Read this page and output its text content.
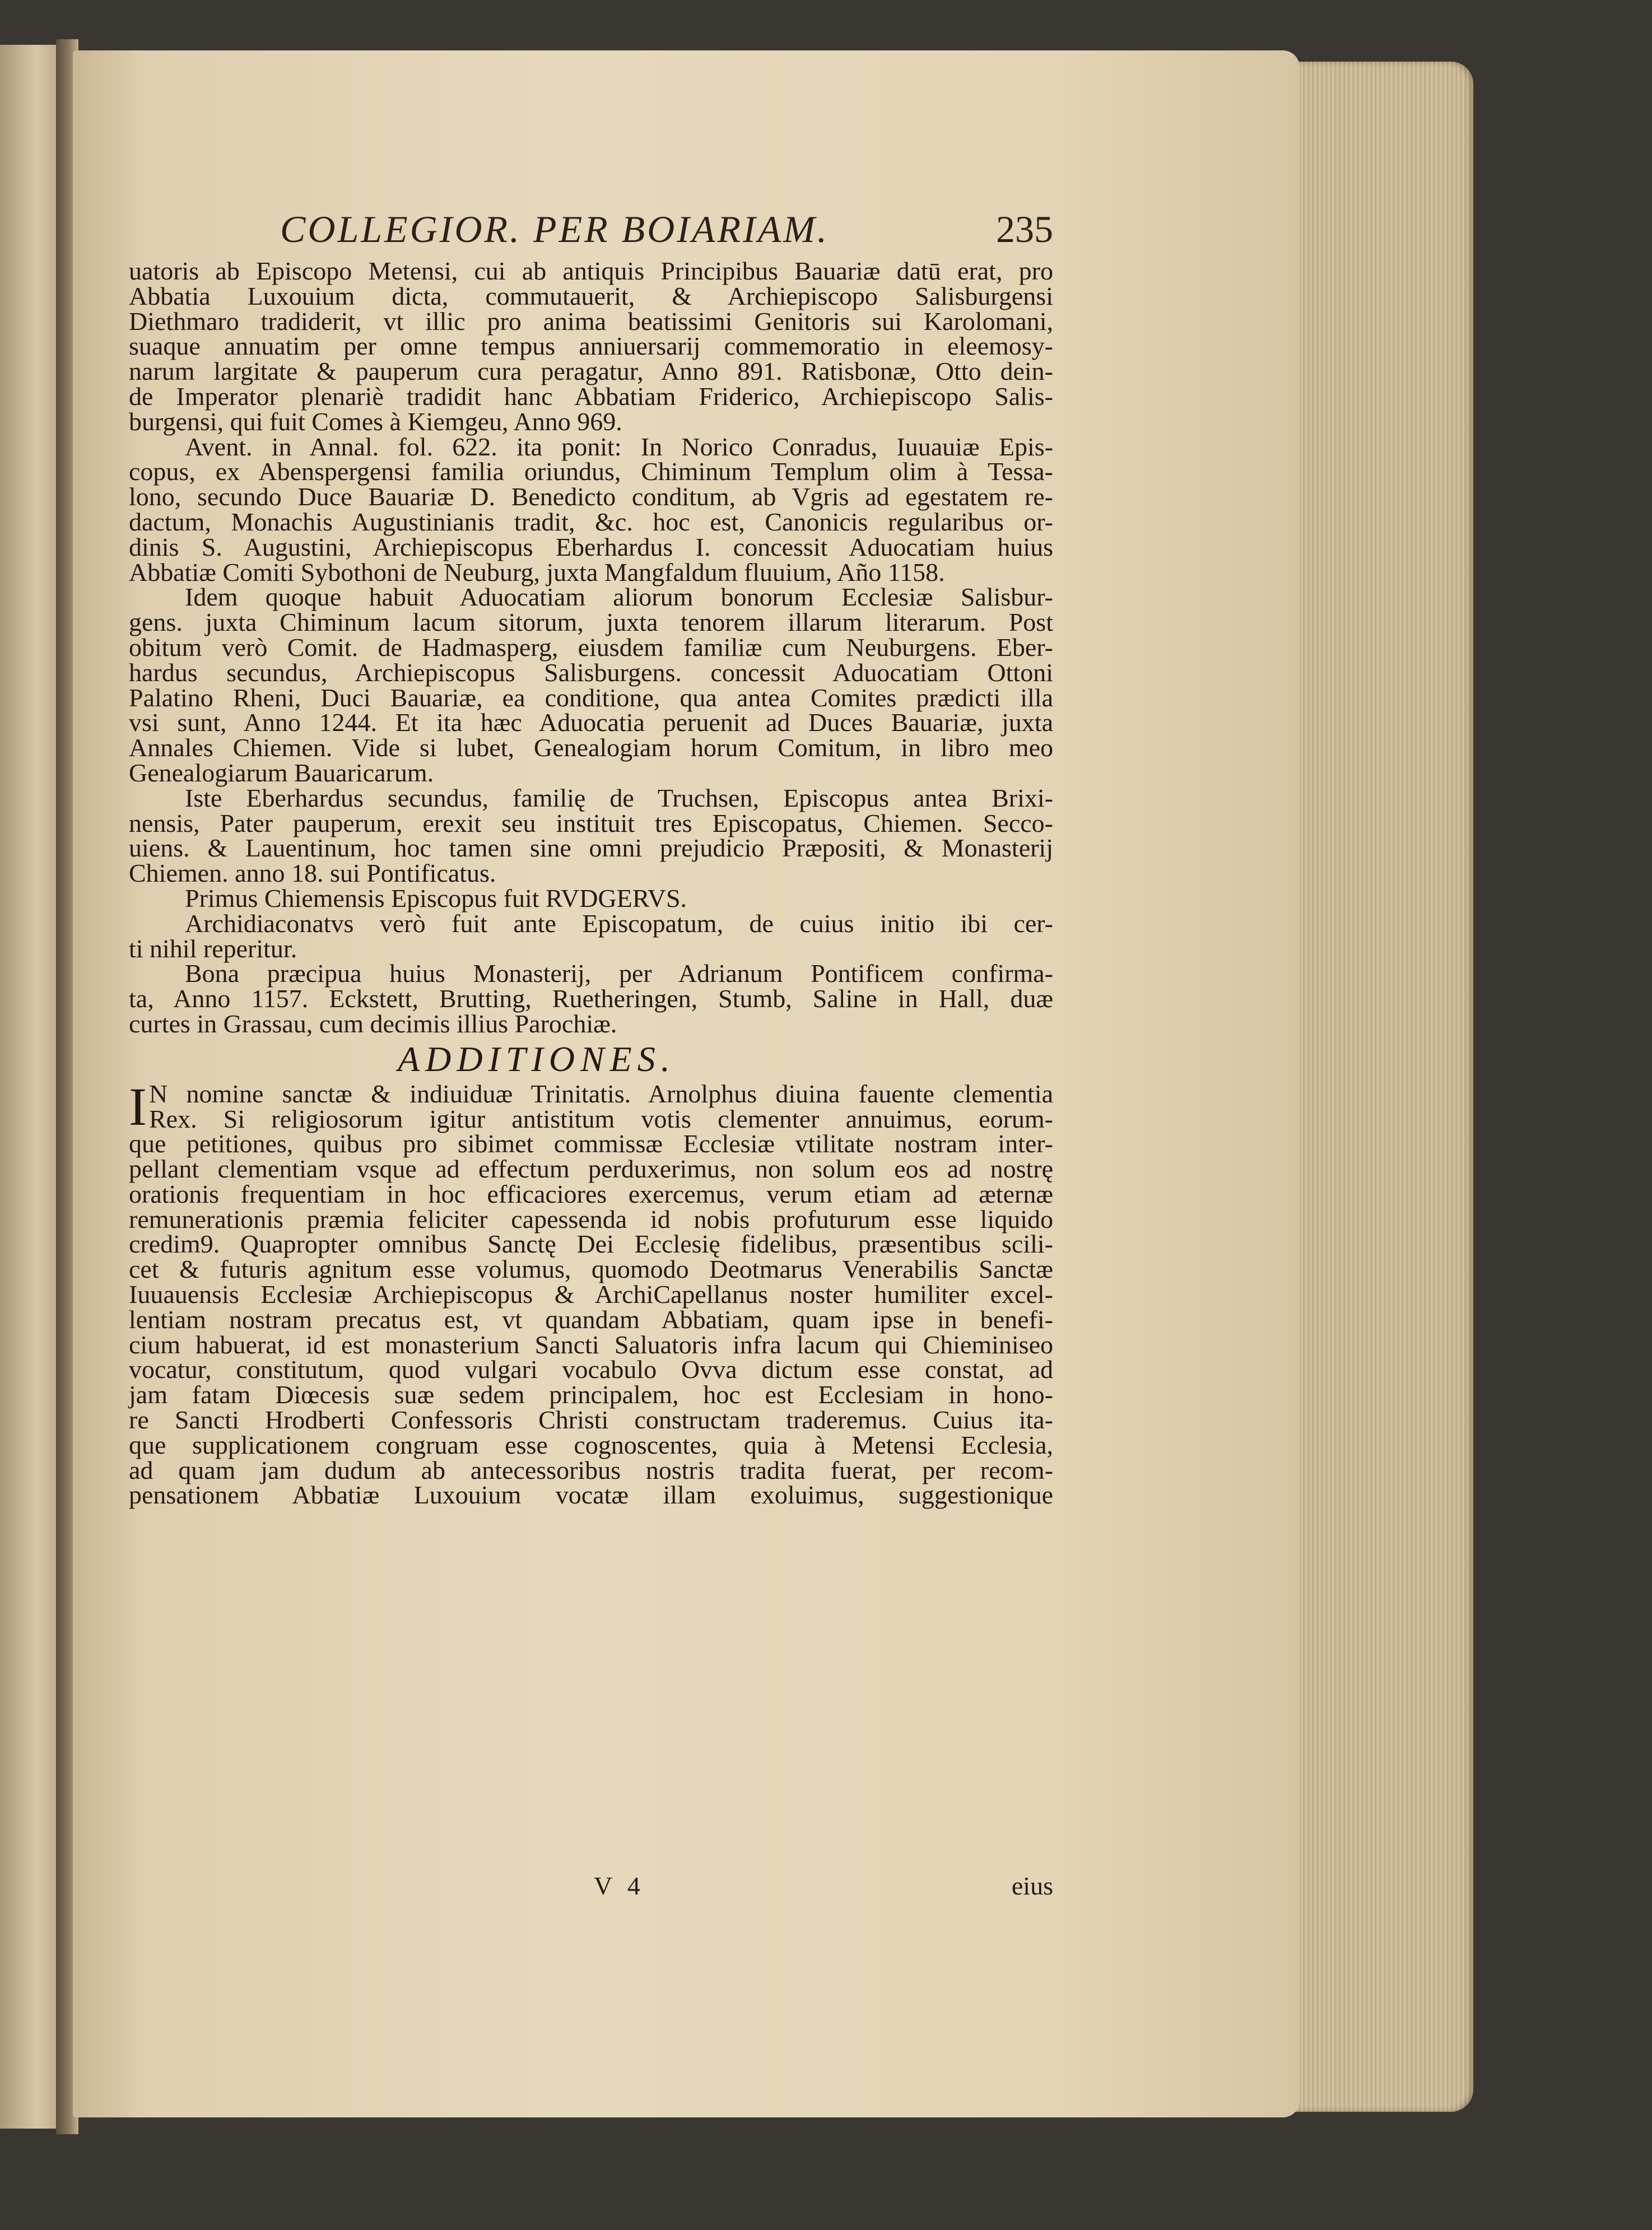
COLLEGIOR. PER BOIARIAM.	235
uatoris ab Episcopo Metensi, cui ab antiquis Principibus Bauariæ datū erat, pro
Abbatia Luxouium dicta, commutauerit, & Archiepiscopo Salisburgensi
Diethmaro tradiderit, vt illic pro anima beatissimi Genitoris sui Karolomani,
suaque annuatim per omne tempus anniuersarij commemoratio in eleemosy-
narum largitate & pauperum cura peragatur, Anno 891. Ratisbonæ, Otto dein-
de Imperator plenariè tradidit hanc Abbatiam Friderico, Archiepiscopo Salis-
burgensi, qui fuit Comes à Kiemgeu, Anno 969.
Avent. in Annal. fol. 622. ita ponit: In Norico Conradus, Iuuauiæ Epis-
copus, ex Abenspergensi familia oriundus, Chiminum Templum olim à Tessa-
lono, secundo Duce Bauariæ D. Benedicto conditum, ab Vgris ad egestatem re-
dactum, Monachis Augustinianis tradit, &c. hoc est, Canonicis regularibus or-
dinis S. Augustini, Archiepiscopus Eberhardus I. concessit Aduocatiam huius
Abbatiæ Comiti Sybothoni de Neuburg, juxta Mangfaldum fluuium, Año 1158.
Idem quoque habuit Aduocatiam aliorum bonorum Ecclesiæ Salisbur-
gens. juxta Chiminum lacum sitorum, juxta tenorem illarum literarum. Post
obitum verò Comit. de Hadmasperg, eiusdem familiæ cum Neuburgens. Eber-
hardus secundus, Archiepiscopus Salisburgens. concessit Aduocatiam Ottoni
Palatino Rheni, Duci Bauariæ, ea conditione, qua antea Comites prædicti illa
vsi sunt, Anno 1244. Et ita hæc Aduocatia peruenit ad Duces Bauariæ, juxta
Annales Chiemen. Vide si lubet, Genealogiam horum Comitum, in libro meo
Genealogiarum Bauaricarum.
Iste Eberhardus secundus, familię de Truchsen, Episcopus antea Brixi-
nensis, Pater pauperum, erexit seu instituit tres Episcopatus, Chiemen. Secco-
uiens. & Lauentinum, hoc tamen sine omni prejudicio Præpositi, & Monasterij
Chiemen. anno 18. sui Pontificatus.
Primus Chiemensis Episcopus fuit RVDGERVS.
Archidiaconatvs verò fuit ante Episcopatum, de cuius initio ibi cer-
ti nihil reperitur.
Bona præcipua huius Monasterij, per Adrianum Pontificem confirma-
ta, Anno 1157. Eckstett, Brutting, Ruetheringen, Stumb, Saline in Hall, duæ
curtes in Grassau, cum decimis illius Parochiæ.
ADDITIONES.
I N nomine sanctæ & indiuiduæ Trinitatis. Arnolphus diuina fauente clementia
Rex. Si religiosorum igitur antistitum votis clementer annuimus, eorum-
que petitiones, quibus pro sibimet commissæ Ecclesiæ vtilitate nostram inter-
pellant clementiam vsque ad effectum perduxerimus, non solum eos ad nostrę
orationis frequentiam in hoc efficaciores exercemus, verum etiam ad æternæ
remunerationis præmia feliciter capessenda id nobis profuturum esse liquido
credim9. Quapropter omnibus Sanctę Dei Ecclesię fidelibus, præsentibus scili-
cet & futuris agnitum esse volumus, quomodo Deotmarus Venerabilis Sanctæ
Iuuauensis Ecclesiæ Archiepiscopus & ArchiCapellanus noster humiliter excel-
lentiam nostram precatus est, vt quandam Abbatiam, quam ipse in benefi-
cium habuerat, id est monasterium Sancti Saluatoris infra lacum qui Chieminiseo
vocatur, constitutum, quod vulgari vocabulo Ovva dictum esse constat, ad
jam fatam Diœcesis suæ sedem principalem, hoc est Ecclesiam in hono-
re Sancti Hrodberti Confessoris Christi constructam traderemus. Cuius ita-
que supplicationem congruam esse cognoscentes, quia à Metensi Ecclesia,
ad quam jam dudum ab antecessoribus nostris tradita fuerat, per recom-
pensationem Abbatiæ Luxouium vocatæ illam exoluimus, suggestionique
V 4	eius
